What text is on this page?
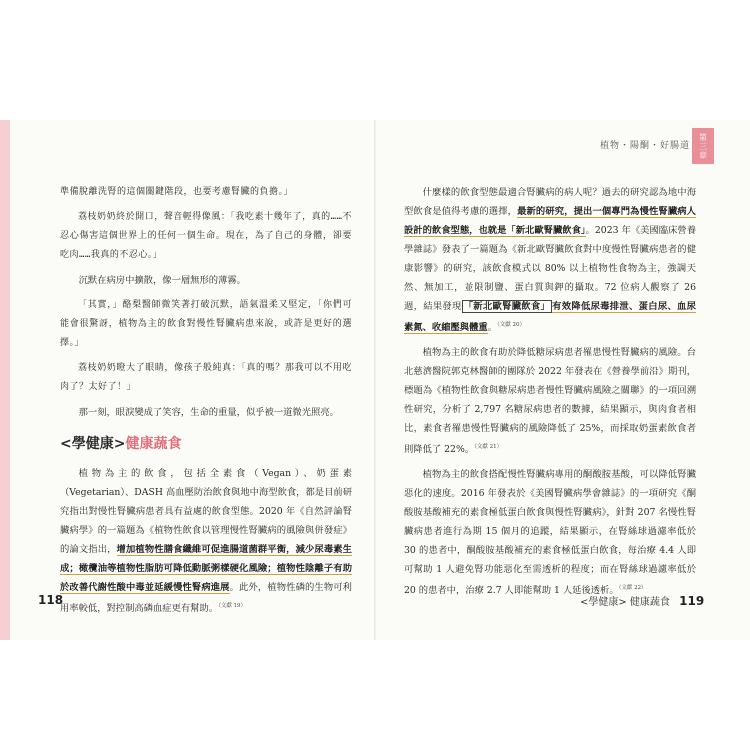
植物・陽酮・好腸道	第三章

準備脫離洗腎的這個關鍵階段，也要考慮腎臟的負擔。」

荔枝奶奶終於開口，聲音輕得像風：「我吃素十幾年了，真的……不忍心傷害這個世界上的任何一個生命。現在，為了自己的身體，卻要吃肉……我真的不忍心。」

沉默在病房中擴散，像一層無形的薄霧。

「其實，」酪梨醫師微笑著打破沉默，語氣溫柔又堅定，「你們可能會很驚訝，植物為主的飲食對慢性腎臟病患來說，或許是更好的選擇。」

荔枝奶奶瞪大了眼睛，像孩子般純真：「真的嗎？那我可以不用吃肉了？太好了！」

那一刻，眼淚變成了笑容，生命的重量，似乎被一道微光照亮。

<學健康>健康蔬食

植物為主的飲食，包括全素食（Vegan）、奶蛋素（Vegetarian）、DASH 高血壓防治飲食與地中海型飲食，都是目前研究指出對慢性腎臟病患者具有益處的飲食型態。2020 年《自然評論腎臟病學》的一篇題為《植物性飲食以管理慢性腎臟病的風險與併發症》的論文指出，增加植物性膳食纖維可促進腸道菌群平衡，減少尿毒素生成；橄欖油等植物性脂肪可降低動脈粥樣硬化風險；植物性陰離子有助於改善代謝性酸中毒並延緩慢性腎病進展。此外，植物性磷的生物可利用率較低，對控制高磷血症更有幫助。$^{(文獻 19)}$

什麼樣的飲食型態最適合腎臟病的病人呢？過去的研究認為地中海型飲食是值得考慮的選擇，最新的研究，提出一個專門為慢性腎臟病人設計的飲食型態，也就是「新北歐腎臟飲食」。2023 年《美國臨床營養學雜誌》發表了一篇題為《新北歐腎臟飲食對中度慢性腎臟病患者的健康影響》的研究，該飲食模式以 80% 以上植物性食物為主，強調天然、無加工，並限制鹽、蛋白質與鉀的攝取。72 位病人觀察了 26 週，結果發現 「新北歐腎臟飲食」 有效降低尿毒排泄、蛋白尿、血尿素氮、收縮壓與體重。$^{(文獻 20)}$

植物為主的飲食有助於降低糖尿病患者罹患慢性腎臟病的風險。台北慈濟醫院郭克林醫師的團隊於 2022 年發表在《營養學前沿》期刊，標題為《植物性飲食與糖尿病患者慢性腎臟病風險之關聯》的一項回溯性研究，分析了 2,797 名糖尿病患者的數據，結果顯示，與肉食者相比，素食者罹患慢性腎臟病的風險降低了 25%，而採取奶蛋素飲食者則降低了 22%。$^{(文獻 21)}$

植物為主的飲食搭配慢性腎臟病專用的酮酸胺基酸，可以降低腎臟惡化的速度。2016 年發表於《美國腎臟病學會雜誌》的一項研究《酮酸胺基酸補充的素食極低蛋白飲食與慢性腎臟病》，針對 207 名慢性腎臟病患者進行為期 15 個月的追蹤，結果顯示，在腎絲球過濾率低於 30 的患者中，酮酸胺基酸補充的素食極低蛋白飲食，每治療 4.4 人即可幫助 1 人避免腎功能惡化至需透析的程度；而在腎絲球過濾率低於 20 的患者中，治療 2.7 人即能幫助 1 人延後透析。$^{(文獻 22)}$

118	<學健康> 健康蔬食 119
